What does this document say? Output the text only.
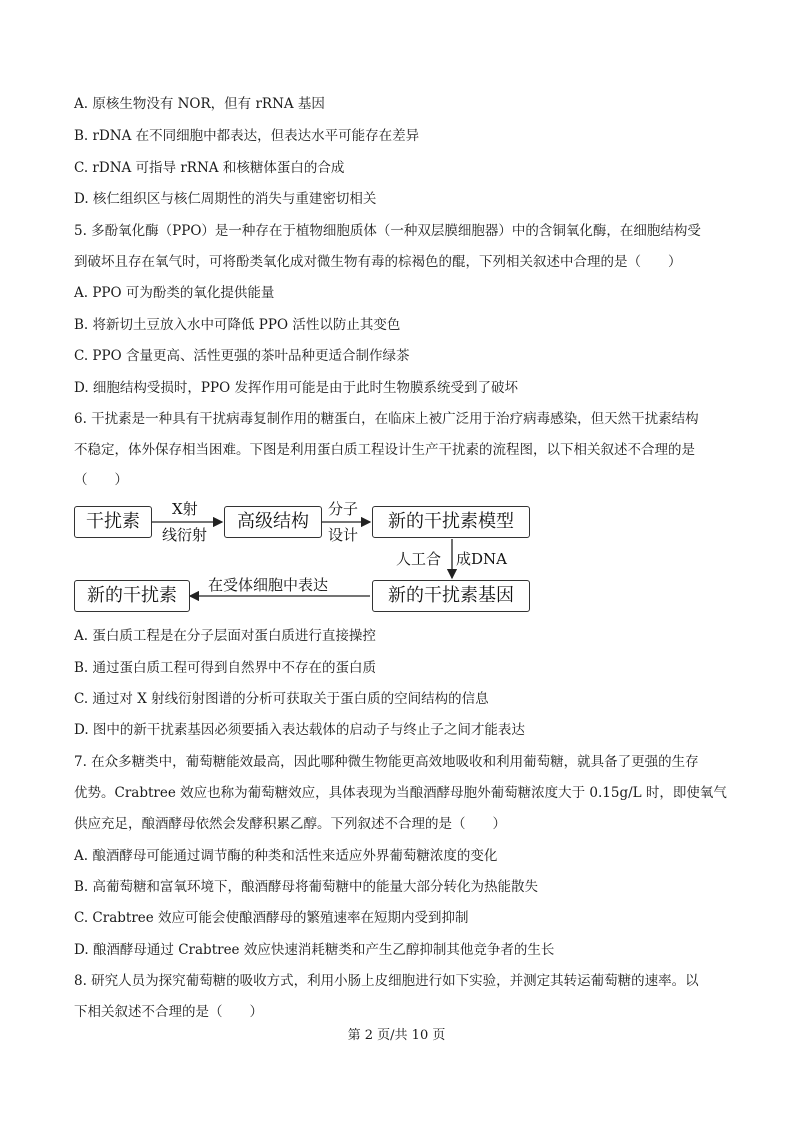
A. 原核生物没有 NOR，但有 rRNA 基因
B. rDNA 在不同细胞中都表达，但表达水平可能存在差异
C. rDNA 可指导 rRNA 和核糖体蛋白的合成
D. 核仁组织区与核仁周期性的消失与重建密切相关
5. 多酚氧化酶（PPO）是一种存在于植物细胞质体（一种双层膜细胞器）中的含铜氧化酶，在细胞结构受
到破坏且存在氧气时，可将酚类氧化成对微生物有毒的棕褐色的醌，下列相关叙述中合理的是（　　）
A. PPO 可为酚类的氧化提供能量
B. 将新切土豆放入水中可降低 PPO 活性以防止其变色
C. PPO 含量更高、活性更强的茶叶品种更适合制作绿茶
D. 细胞结构受损时，PPO 发挥作用可能是由于此时生物膜系统受到了破坏
6. 干扰素是一种具有干扰病毒复制作用的糖蛋白，在临床上被广泛用于治疗病毒感染，但天然干扰素结构
不稳定，体外保存相当困难。下图是利用蛋白质工程设计生产干扰素的流程图，以下相关叙述不合理的是
（　　）
干扰素	高级结构	新的干扰素模型
新的干扰素基因
新的干扰素
X射
线衍射
分子
设计
人工合 成DNA
在受体细胞中表达
A. 蛋白质工程是在分子层面对蛋白质进行直接操控
B. 通过蛋白质工程可得到自然界中不存在的蛋白质
C. 通过对 X 射线衍射图谱的分析可获取关于蛋白质的空间结构的信息
D. 图中的新干扰素基因必须要插入表达载体的启动子与终止子之间才能表达
7. 在众多糖类中，葡萄糖能效最高，因此哪种微生物能更高效地吸收和利用葡萄糖，就具备了更强的生存
优势。Crabtree 效应也称为葡萄糖效应，具体表现为当酿酒酵母胞外葡萄糖浓度大于 0.15g/L 时，即使氧气
供应充足，酿酒酵母依然会发酵积累乙醇。下列叙述不合理的是（　　）
A. 酿酒酵母可能通过调节酶的种类和活性来适应外界葡萄糖浓度的变化
B. 高葡萄糖和富氧环境下，酿酒酵母将葡萄糖中的能量大部分转化为热能散失
C. Crabtree 效应可能会使酿酒酵母的繁殖速率在短期内受到抑制
D. 酿酒酵母通过 Crabtree 效应快速消耗糖类和产生乙醇抑制其他竞争者的生长
8. 研究人员为探究葡萄糖的吸收方式，利用小肠上皮细胞进行如下实验，并测定其转运葡萄糖的速率。以
下相关叙述不合理的是（　　）
第 2 页/共 10 页
